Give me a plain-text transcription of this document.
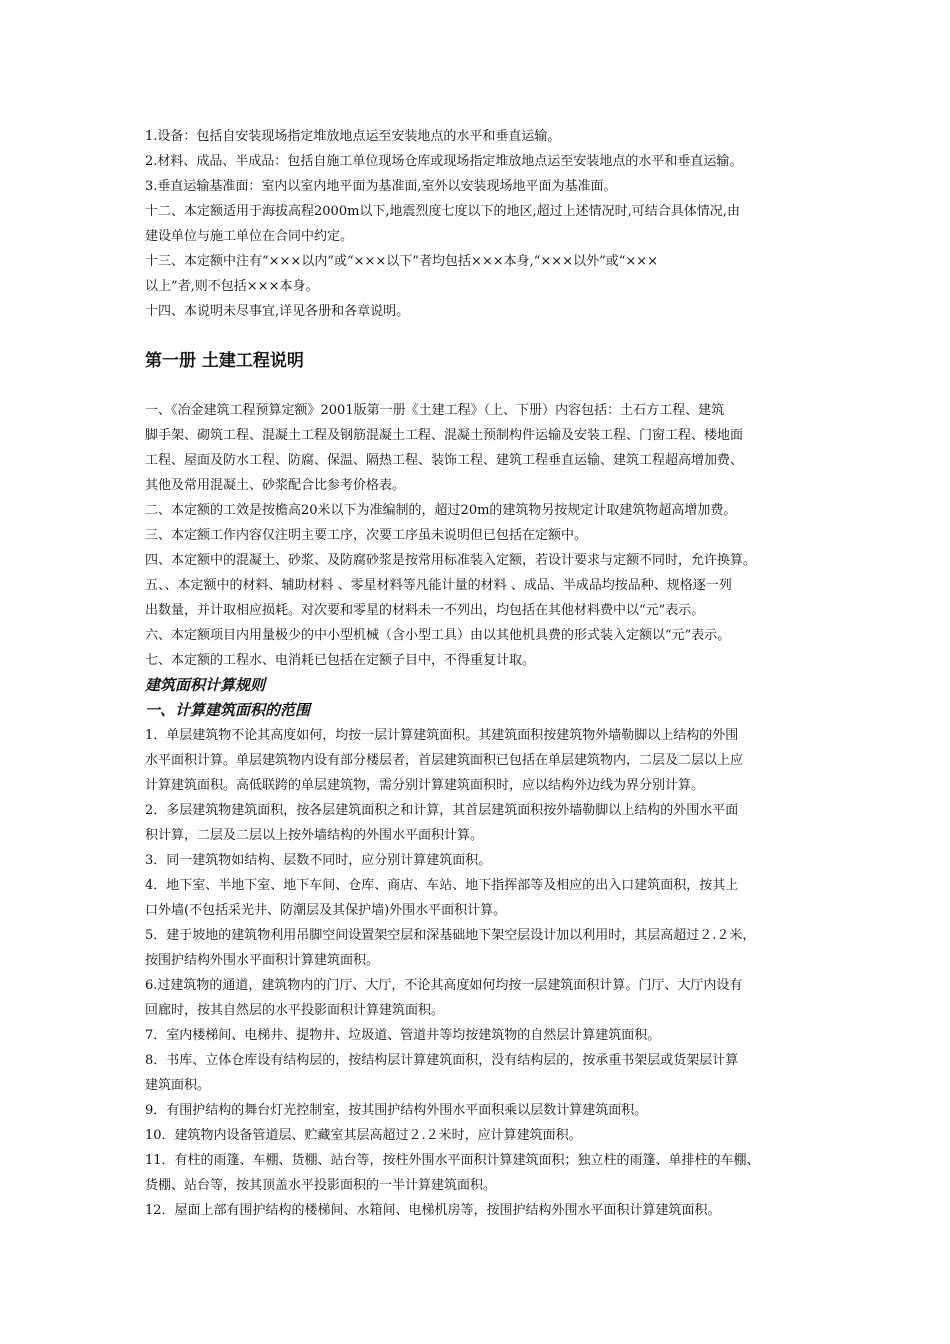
1.设备：包括自安装现场指定堆放地点运至安装地点的水平和垂直运输。

2.材料、成品、半成品：包括自施工单位现场仓库或现场指定堆放地点运至安装地点的水平和垂直运输。

3.垂直运输基准面：室内以室内地平面为基准面,室外以安装现场地平面为基准面。

十二、本定额适用于海拔高程2000m以下,地震烈度七度以下的地区,超过上述情况时,可结合具体情况,由

建设单位与施工单位在合同中约定。

十三、本定额中注有“×××以内”或“×××以下”者均包括×××本身,“×××以外”或“×××

以上”者,则不包括×××本身。

十四、本说明未尽事宜,详见各册和各章说明。

第一册 土建工程说明

一、《冶金建筑工程预算定额》2001版第一册《土建工程》（上、下册）内容包括：土石方工程、建筑

脚手架、砌筑工程、混凝土工程及钢筋混凝土工程、混凝土预制构件运输及安装工程、门窗工程、楼地面

工程、屋面及防水工程、防腐、保温、隔热工程、装饰工程、建筑工程垂直运输、建筑工程超高增加费、

其他及常用混凝土、砂浆配合比参考价格表。

二、本定额的工效是按檐高20米以下为准编制的，超过20m的建筑物另按规定计取建筑物超高增加费。

三、本定额工作内容仅注明主要工序，次要工序虽未说明但已包括在定额中。

四、本定额中的混凝土、砂浆、及防腐砂浆是按常用标准装入定额，若设计要求与定额不同时，允许换算。

五、、本定额中的材料、辅助材料 、零星材料等凡能计量的材料 、成品、半成品均按品种、规格逐一列

出数量，并计取相应损耗。对次要和零星的材料未一不列出，均包括在其他材料费中以“元”表示。

六、本定额项目内用量极少的中小型机械（含小型工具）由以其他机具费的形式装入定额以“元”表示。

七、本定额的工程水、电消耗已包括在定额子目中，不得重复计取。

建筑面积计算规则
一、计算建筑面积的范围

1．单层建筑物不论其高度如何，均按一层计算建筑面积。其建筑面积按建筑物外墙勒脚以上结构的外围

水平面积计算。单层建筑物内设有部分楼层者，首层建筑面积已包括在单层建筑物内，二层及二层以上应

计算建筑面积。高低联跨的单层建筑物，需分别计算建筑面积时，应以结构外边线为界分别计算。

2．多层建筑物建筑面积，按各层建筑面积之和计算，其首层建筑面积按外墙勒脚以上结构的外围水平面

积计算，二层及二层以上按外墙结构的外围水平面积计算。

3．同一建筑物如结构、层数不同时，应分别计算建筑面积。

4．地下室、半地下室、地下车间、仓库、商店、车站、地下指挥部等及相应的出入口建筑面积，按其上

口外墙(不包括采光井、防潮层及其保护墙)外围水平面积计算。

5．建于坡地的建筑物利用吊脚空间设置架空层和深基础地下架空层设计加以利用时，其层高超过２.２米，

按围护结构外围水平面积计算建筑面积。

6.过建筑物的通道，建筑物内的门厅、大厅，不论其高度如何均按一层建筑面积计算。门厅、大厅内设有

回廊时，按其自然层的水平投影面积计算建筑面积。

7．室内楼梯间、电梯井、提物井、垃圾道、管道井等均按建筑物的自然层计算建筑面积。

8．书库、立体仓库设有结构层的，按结构层计算建筑面积，没有结构层的，按承重书架层或货架层计算

建筑面积。

9．有围护结构的舞台灯光控制室，按其围护结构外围水平面积乘以层数计算建筑面积。

10．建筑物内设备管道层、贮藏室其层高超过２.２米时，应计算建筑面积。

11．有柱的雨篷、车棚、货棚、站台等，按柱外围水平面积计算建筑面积；独立柱的雨篷、单排柱的车棚、

货棚、站台等，按其顶盖水平投影面积的一半计算建筑面积。

12．屋面上部有围护结构的楼梯间、水箱间、电梯机房等，按围护结构外围水平面积计算建筑面积。
